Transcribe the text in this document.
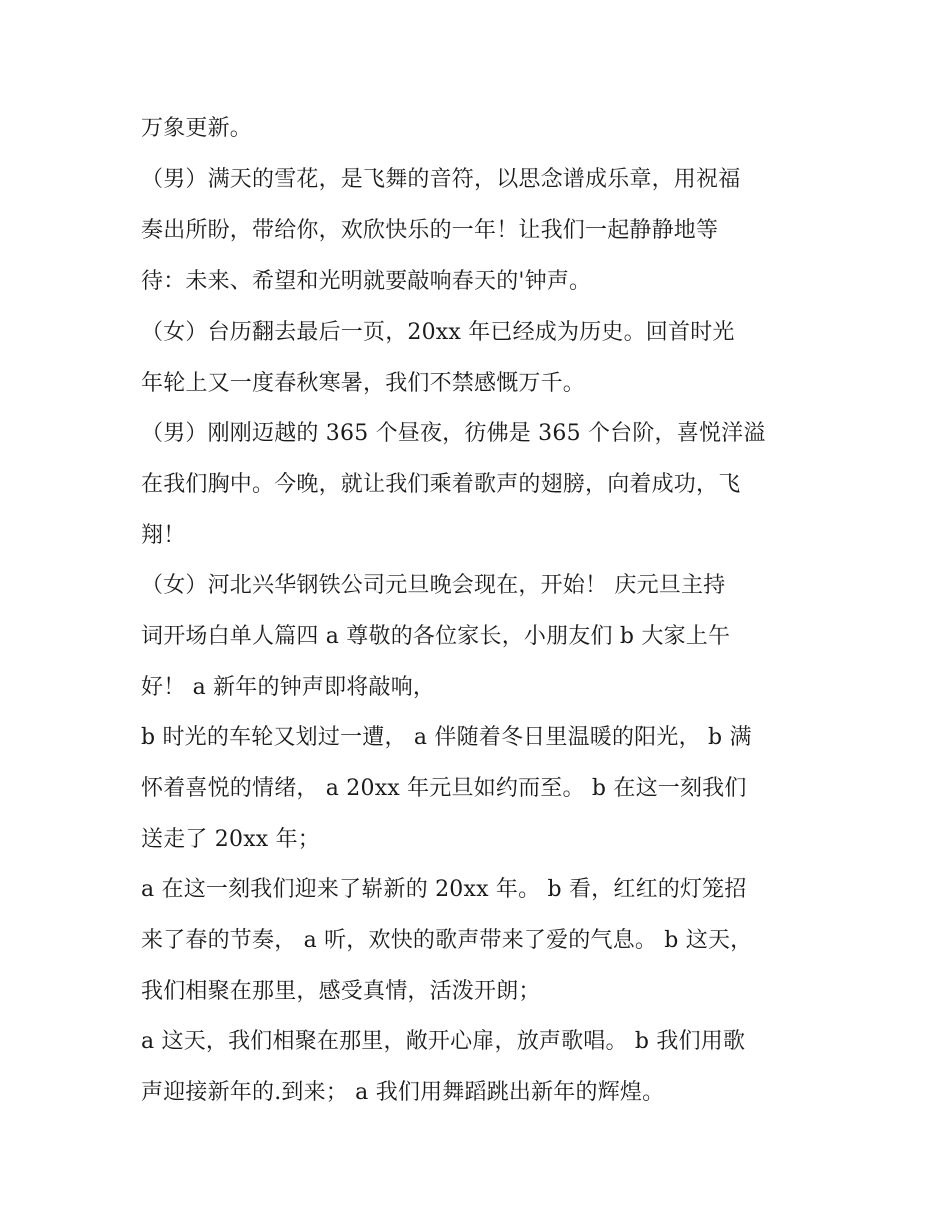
万象更新。
（男）满天的雪花，是飞舞的音符，以思念谱成乐章，用祝福
奏出所盼，带给你，欢欣快乐的一年！让我们一起静静地等
待：未来、希望和光明就要敲响春天的'钟声。
（女）台历翻去最后一页，20xx 年已经成为历史。回首时光
年轮上又一度春秋寒暑，我们不禁感慨万千。
（男）刚刚迈越的 365 个昼夜，彷佛是 365 个台阶，喜悦洋溢
在我们胸中。今晚，就让我们乘着歌声的翅膀，向着成功，飞
翔！
（女）河北兴华钢铁公司元旦晚会现在，开始！ 庆元旦主持
词开场白单人篇四 a 尊敬的各位家长，小朋友们 b 大家上午
好！ a 新年的钟声即将敲响，
b 时光的车轮又划过一遭， a 伴随着冬日里温暖的阳光， b 满
怀着喜悦的情绪， a 20xx 年元旦如约而至。 b 在这一刻我们
送走了 20xx 年；
a 在这一刻我们迎来了崭新的 20xx 年。 b 看，红红的灯笼招
来了春的节奏， a 听，欢快的歌声带来了爱的气息。 b 这天，
我们相聚在那里，感受真情，活泼开朗；
a 这天，我们相聚在那里，敞开心扉，放声歌唱。 b 我们用歌
声迎接新年的.到来； a 我们用舞蹈跳出新年的辉煌。
